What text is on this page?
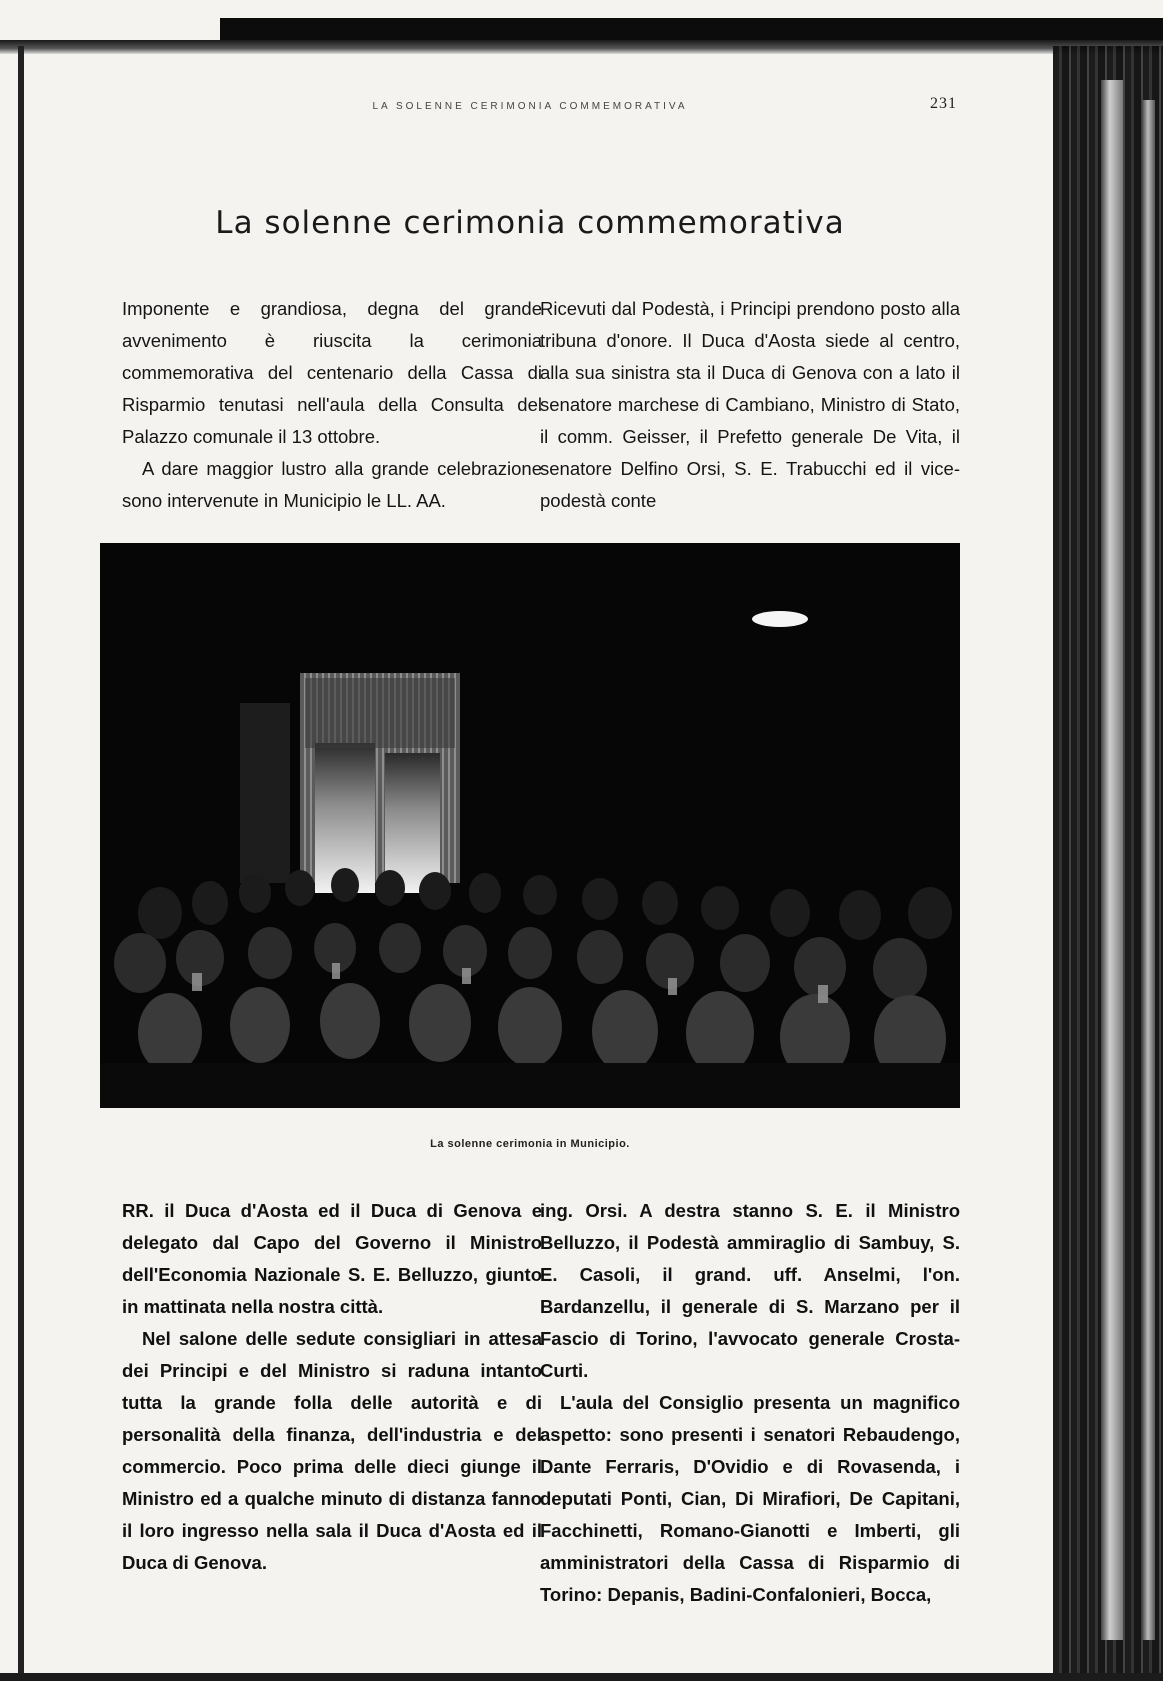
LA SOLENNE CERIMONIA COMMEMORATIVA	231
La solenne cerimonia commemorativa

Imponente e grandiosa, degna del grande avvenimento è riuscita la cerimonia commemorativa del centenario della Cassa di Risparmio tenutasi nell'aula della Consulta del Palazzo comunale il 13 ottobre.

A dare maggior lustro alla grande celebrazione sono intervenute in Municipio le LL. AA.

Ricevuti dal Podestà, i Principi prendono posto alla tribuna d'onore. Il Duca d'Aosta siede al centro, alla sua sinistra sta il Duca di Genova con a lato il senatore marchese di Cambiano, Ministro di Stato, il comm. Geisser, il Prefetto generale De Vita, il senatore Delfino Orsi, S. E. Trabucchi ed il vice-podestà conte

La solenne cerimonia in Municipio.

RR. il Duca d'Aosta ed il Duca di Genova e delegato dal Capo del Governo il Ministro dell'Economia Nazionale S. E. Belluzzo, giunto in mattinata nella nostra città.

Nel salone delle sedute consigliari in attesa dei Principi e del Ministro si raduna intanto tutta la grande folla delle autorità e di personalità della finanza, dell'industria e del commercio. Poco prima delle dieci giunge il Ministro ed a qualche minuto di distanza fanno il loro ingresso nella sala il Duca d'Aosta ed il Duca di Genova.

ing. Orsi. A destra stanno S. E. il Ministro Belluzzo, il Podestà ammiraglio di Sambuy, S. E. Casoli, il grand. uff. Anselmi, l'on. Bardanzellu, il generale di S. Marzano per il Fascio di Torino, l'avvocato generale Crosta-Curti.

L'aula del Consiglio presenta un magnifico aspetto: sono presenti i senatori Rebaudengo, Dante Ferraris, D'Ovidio e di Rovasenda, i deputati Ponti, Cian, Di Mirafiori, De Capitani, Facchinetti, Romano-Gianotti e Imberti, gli amministratori della Cassa di Risparmio di Torino: Depanis, Badini-Confalonieri, Bocca,
